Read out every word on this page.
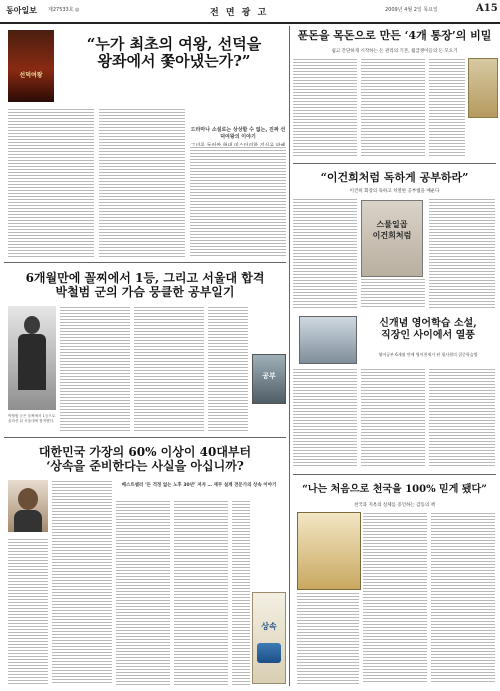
동아일보 제27533호 ◎	전 면 광 고	2009년 4월 2일 목요일	A15
선덕여왕
“누가 최초의 여왕, 선덕을
왕좌에서 쫓아냈는가?”
드라마나 소설로는 상상할 수 없는, 진짜 선덕여왕의 이야기
푼돈을 목돈으로 만든 ‘4개 통장’의 비밀
쉽고 간단하게 시작하는 돈 관리의 기본, 월급쟁이들의 돈 모으기
“이건희처럼 독하게 공부하라”
이건희 회장의 독하고 치열한 공부법을 배운다
스물일곱
이건희처럼
6개월만에 꼴찌에서 1등, 그리고 서울대 합격
박철범 군의 가슴 뭉클한 공부일기
박철범 군은 꼴찌에서 1등으로 올라선 뒤 서울대에 합격했다.
공부
신개념 영어학습 소설,
직장인 사이에서 열풍
영어공부 6개월 만에 영어천재가 된 평사원의 집중학습법
대한민국 가장의 60% 이상이 40대부터
‘상속을 준비한다는 사실을 아십니까?
베스트셀러 ‘돈 걱정 없는 노후 30년’ 저자 … 재무 설계 전문가의 상속 이야기
상속
“나는 처음으로 천국을 100% 믿게 됐다”
천국과 지옥의 실체를 증언하는 감동의 책
